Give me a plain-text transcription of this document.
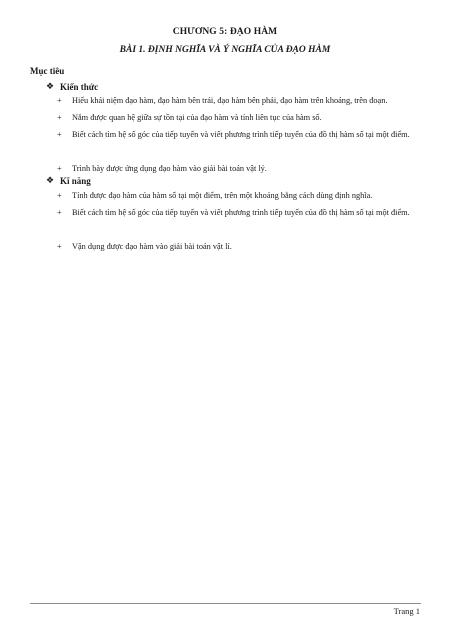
CHƯƠNG 5: ĐẠO HÀM
BÀI 1. ĐỊNH NGHĨA VÀ Ý NGHĨA CỦA ĐẠO HÀM
Mục tiêu
❖ Kiến thức
+	Hiểu khái niệm đạo hàm, đạo hàm bên trái, đạo hàm bên phải, đạo hàm trên khoảng, trên đoạn.
+	Nắm được quan hệ giữa sự tồn tại của đạo hàm và tính liên tục của hàm số.
+	Biết cách tìm hệ số góc của tiếp tuyến và viết phương trình tiếp tuyến của đồ thị hàm số tại một điểm.
+	Trình bày được ứng dụng đạo hàm vào giải bài toán vật lý.
❖ Kĩ năng
+	Tính được đạo hàm của hàm số tại một điểm, trên một khoảng bằng cách dùng định nghĩa.
+	Biết cách tìm hệ số góc của tiếp tuyến và viết phương trình tiếp tuyến của đồ thị hàm số tại một điểm.
+	Vận dụng được đạo hàm vào giải bài toán vật lí.
Trang 1
